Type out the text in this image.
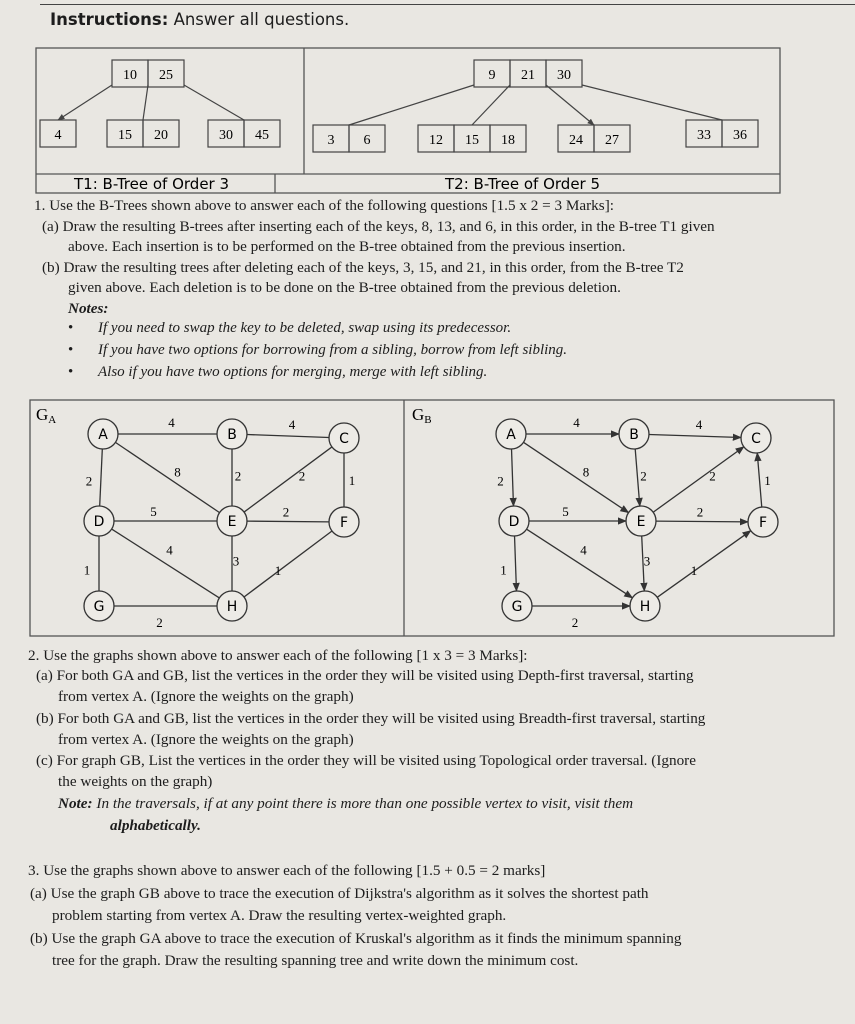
Instructions: Answer all questions.
10 25
4	15 20	30 45
9 21 30
3 6	12 15 18	24 27	33 36
T1: B-Tree of Order 3	T2: B-Tree of Order 5
1. Use the B-Trees shown above to answer each of the following questions [1.5 x 2 = 3 Marks]:
(a) Draw the resulting B-trees after inserting each of the keys, 8, 13, and 6, in this order, in the B-tree T1 given
above. Each insertion is to be performed on the B-tree obtained from the previous insertion.
(b) Draw the resulting trees after deleting each of the keys, 3, 15, and 21, in this order, from the B-tree T2
given above. Each deletion is to be done on the B-tree obtained from the previous deletion.
Notes:
• If you need to swap the key to be deleted, swap using its predecessor.
• If you have two options for borrowing from a sibling, borrow from left sibling.
• Also if you have two options for merging, merge with left sibling.
GA	GB
4	4
2
8	2	2	1
5	2
1
4
3
1
2
A	B	C
D	E	F
G	H
4	4
2
8	2	2	1
5	2
1
4
3
1
2
A	B	C
D	E	F
G	H
2. Use the graphs shown above to answer each of the following [1 x 3 = 3 Marks]:
(a) For both GA and GB, list the vertices in the order they will be visited using Depth-first traversal, starting
from vertex A. (Ignore the weights on the graph)
(b) For both GA and GB, list the vertices in the order they will be visited using Breadth-first traversal, starting
from vertex A. (Ignore the weights on the graph)
(c) For graph GB, List the vertices in the order they will be visited using Topological order traversal. (Ignore
the weights on the graph)
Note: In the traversals, if at any point there is more than one possible vertex to visit, visit them
alphabetically.
3. Use the graphs shown above to answer each of the following [1.5 + 0.5 = 2 marks]
(a) Use the graph GB above to trace the execution of Dijkstra's algorithm as it solves the shortest path
problem starting from vertex A. Draw the resulting vertex-weighted graph.
(b) Use the graph GA above to trace the execution of Kruskal's algorithm as it finds the minimum spanning
tree for the graph. Draw the resulting spanning tree and write down the minimum cost.
